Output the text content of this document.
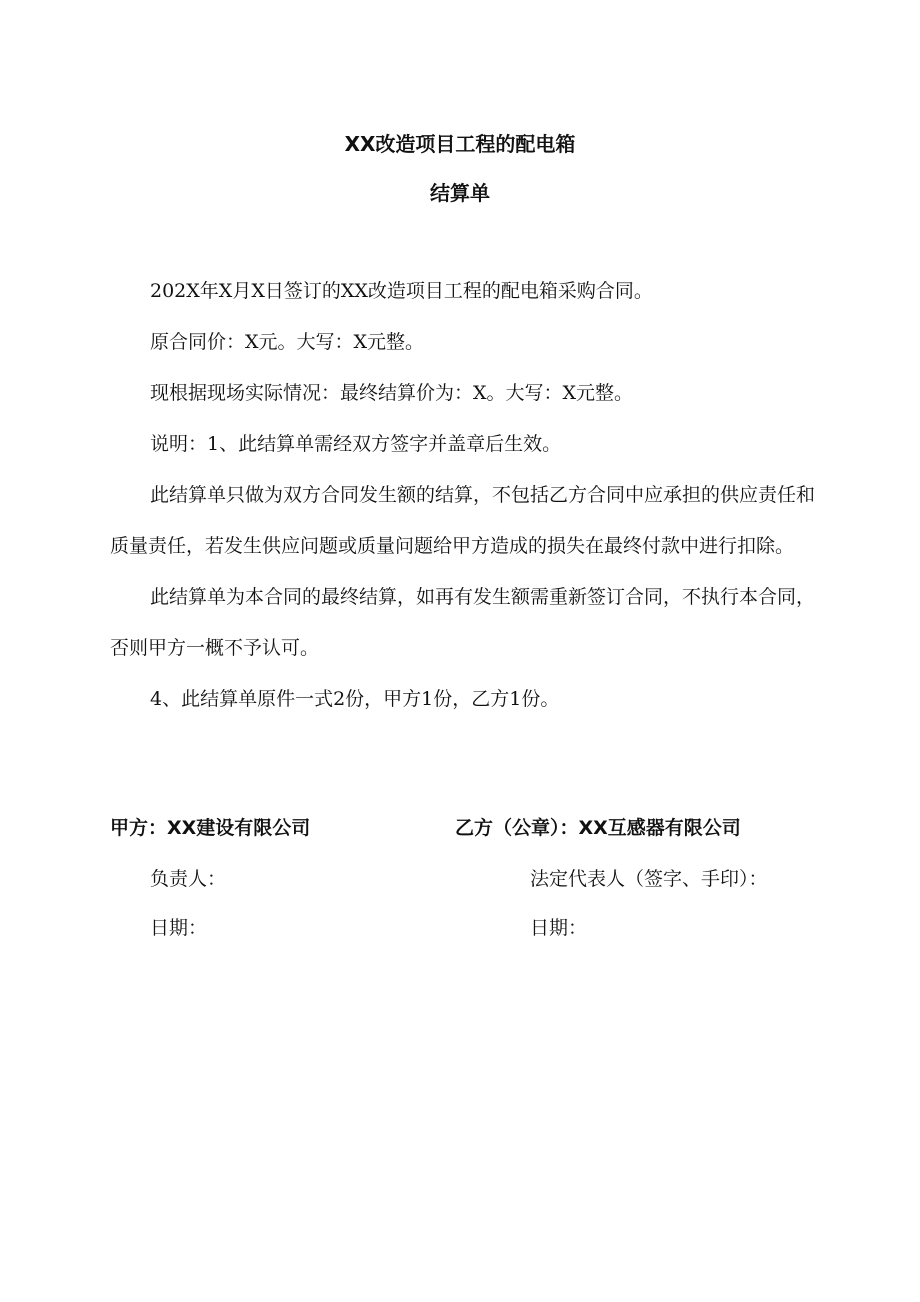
XX改造项目工程的配电箱
结算单

202X年X月X日签订的XX改造项目工程的配电箱采购合同。

原合同价：X元。大写：X元整。

现根据现场实际情况：最终结算价为：X。大写：X元整。

说明：1、此结算单需经双方签字并盖章后生效。

此结算单只做为双方合同发生额的结算，不包括乙方合同中应承担的供应责任和质量责任，若发生供应问题或质量问题给甲方造成的损失在最终付款中进行扣除。

此结算单为本合同的最终结算，如再有发生额需重新签订合同，不执行本合同，否则甲方一概不予认可。

4、此结算单原件一式2份，甲方1份，乙方1份。

甲方：XX建设有限公司

负责人：

日期：

乙方（公章）：XX互感器有限公司

法定代表人（签字、手印）：

日期：
